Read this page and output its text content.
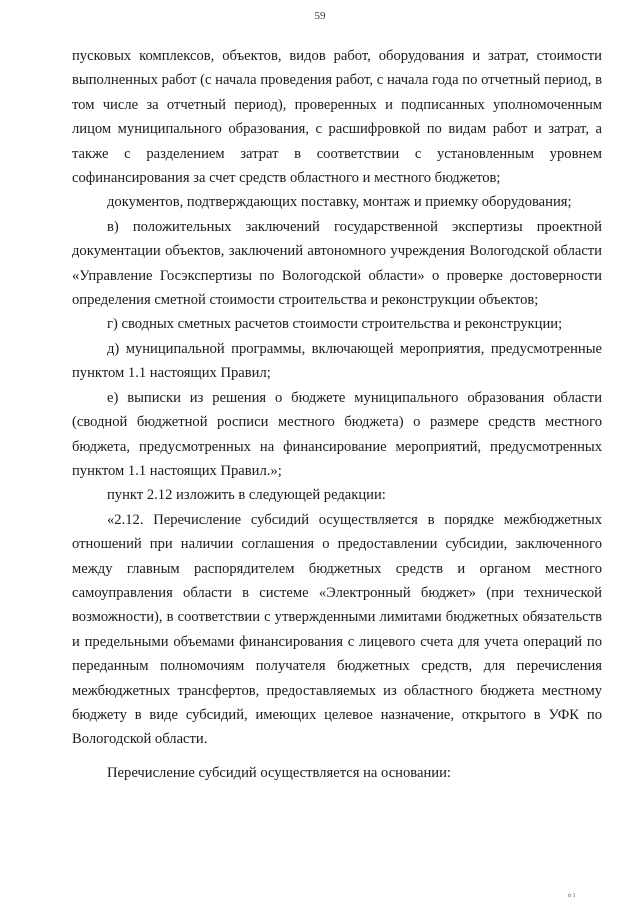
59

пусковых комплексов, объектов, видов работ, оборудования и затрат, стоимости выполненных работ (с начала проведения работ, с начала года по отчетный период, в том числе за отчетный период), проверенных и подписанных уполномоченным лицом муниципального образования, с расшифровкой по видам работ и затрат, а также с разделением затрат в соответствии с установленным уровнем софинансирования за счет средств областного и местного бюджетов;

документов, подтверждающих поставку, монтаж и приемку оборудования;

в) положительных заключений государственной экспертизы проектной документации объектов, заключений автономного учреждения Вологодской области «Управление Госэкспертизы по Вологодской области» о проверке достоверности определения сметной стоимости строительства и реконструкции объектов;

г) сводных сметных расчетов стоимости строительства и реконструкции;

д) муниципальной программы, включающей мероприятия, предусмотренные пунктом 1.1 настоящих Правил;

е) выписки из решения о бюджете муниципального образования области (сводной бюджетной росписи местного бюджета) о размере средств местного бюджета, предусмотренных на финансирование мероприятий, предусмотренных пунктом 1.1 настоящих Правил.»;

пункт 2.12 изложить в следующей редакции:

«2.12. Перечисление субсидий осуществляется в порядке межбюджетных отношений при наличии соглашения о предоставлении субсидии, заключенного между главным распорядителем бюджетных средств и органом местного самоуправления области в системе «Электронный бюджет» (при технической возможности), в соответствии с утвержденными лимитами бюджетных обязательств и предельными объемами финансирования с лицевого счета для учета операций по переданным полномочиям получателя бюджетных средств, для перечисления межбюджетных трансфертов, предоставляемых из областного бюджета местному бюджету в виде субсидий, имеющих целевое назначение, открытого в УФК по Вологодской области.

Перечисление субсидий осуществляется на основании:

ń 1
